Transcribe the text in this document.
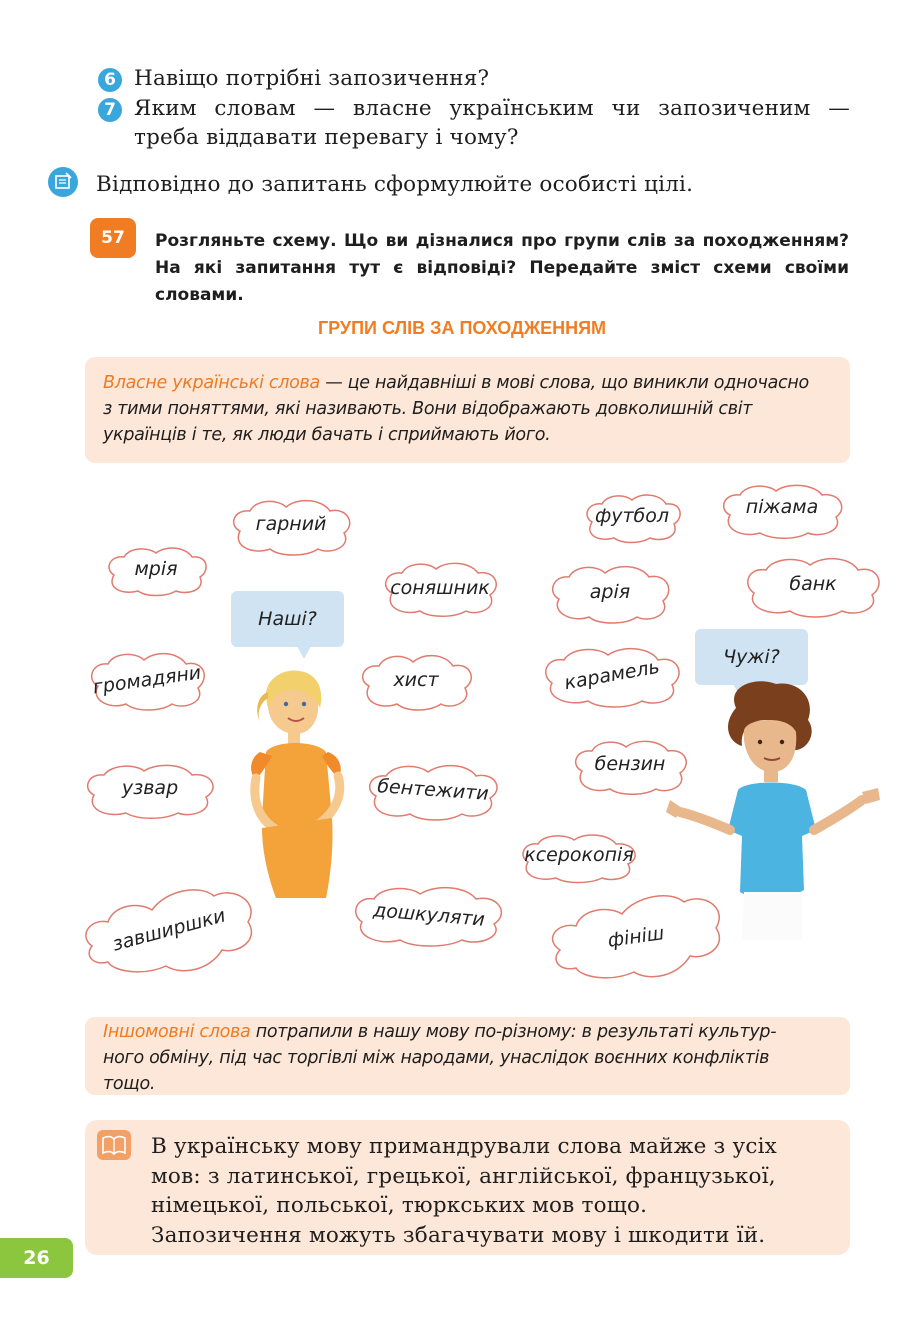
6 Навіщо потрібні запозичення?
7 Яким словам — власне українським чи запозиченим —
треба віддавати перевагу і чому?
Відповідно до запитань сформулюйте особисті цілі.
57	Розгляньте схему. Що ви дізналися про групи слів за походженням? На які запитання тут є відповіді? Передайте зміст схеми своїми словами.
ГРУПИ СЛІВ ЗА ПОХОДЖЕННЯМ
Власне українські слова — це найдавніші в мові слова, що виникли одночасно
з тими поняттями, які називають. Вони відображають довколишній світ
українців і те, як люди бачать і сприймають його.
гарний
мрія
соняшник
громадяни	хист
узвар	бентежити
завширшки	дошкуляти
футбол	піжама
арія	банк
карамель
бензин
ксерокопія
фініш
Наші?
Чужі?
Іншомовні слова потрапили в нашу мову по-різному: в результаті культур-
ного обміну, під час торгівлі між народами, унаслідок воєнних конфліктів
тощо.
В українську мову примандрували слова майже з усіх
мов: з латинської, грецької, англійської, французької,
німецької, польської, тюркських мов тощо.
Запозичення можуть збагачувати мову і шкодити їй.
26
